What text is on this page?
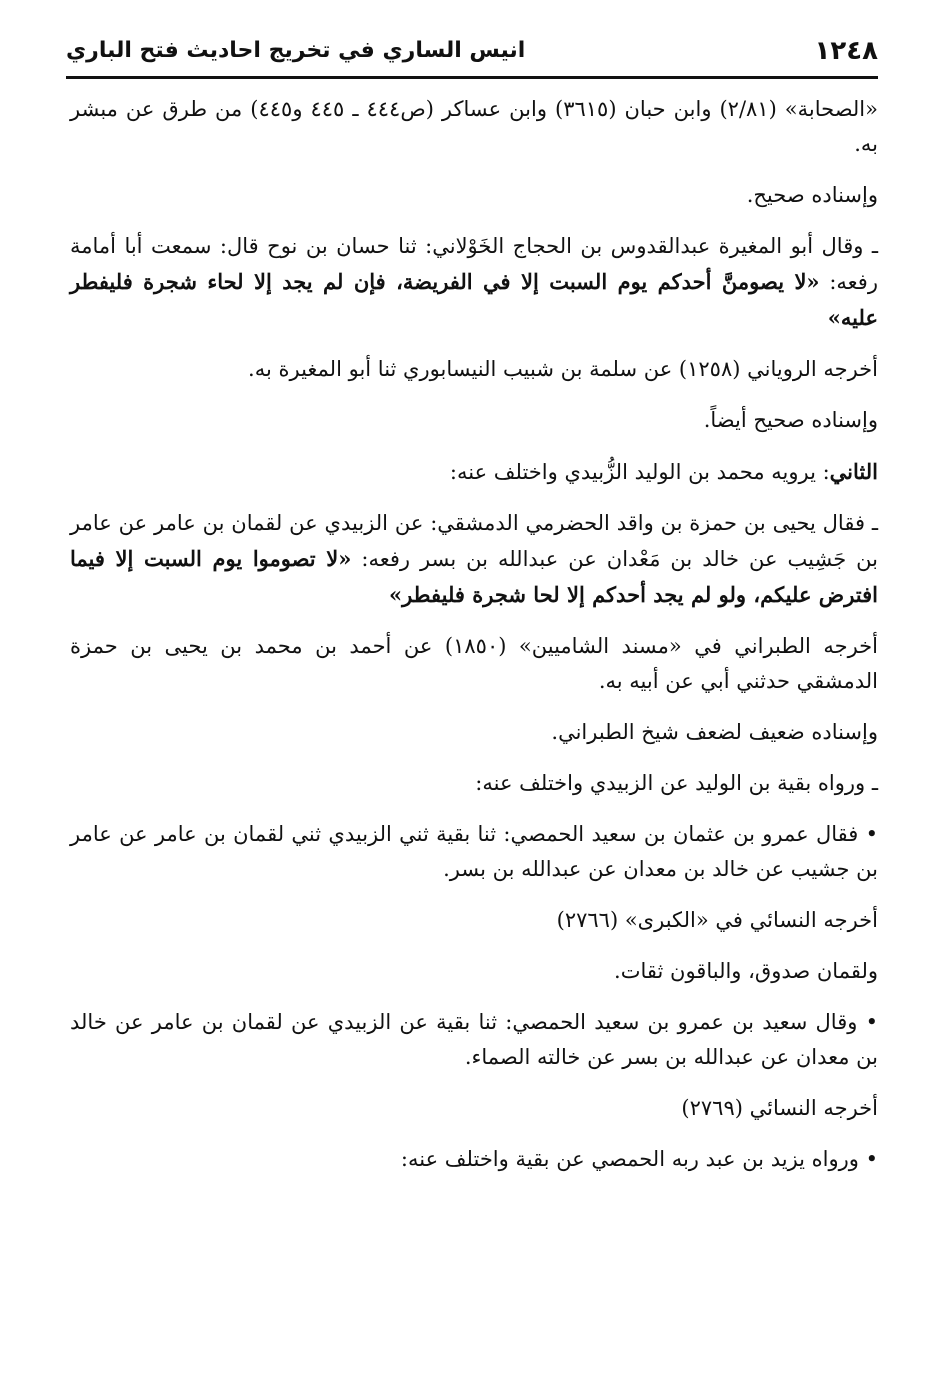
١٢٤٨
انيس الساري في تخريج احاديث فتح الباري

«الصحابة» (٢/٨١) وابن حبان (٣٦١٥) وابن عساكر (ص٤٤٤ ـ ٤٤٥ و٤٤٥) من طرق عن مبشر به.

وإسناده صحيح.

ـ وقال أبو المغيرة عبدالقدوس بن الحجاج الخَوْلاني: ثنا حسان بن نوح قال: سمعت أبا أمامة رفعه: «لا يصومنَّ أحدكم يوم السبت إلا في الفريضة، فإن لم يجد إلا لحاء شجرة فليفطر عليه»

أخرجه الروياني (١٢٥٨) عن سلمة بن شبيب النيسابوري ثنا أبو المغيرة به.

وإسناده صحيح أيضاً.

الثاني: يرويه محمد بن الوليد الزُّبيدي واختلف عنه:

ـ فقال يحيى بن حمزة بن واقد الحضرمي الدمشقي: عن الزبيدي عن لقمان بن عامر عن عامر بن جَشِيب عن خالد بن مَعْدان عن عبدالله بن بسر رفعه: «لا تصوموا يوم السبت إلا فيما افترض عليكم، ولو لم يجد أحدكم إلا لحا شجرة فليفطر»

أخرجه الطبراني في «مسند الشاميين» (١٨٥٠) عن أحمد بن محمد بن يحيى بن حمزة الدمشقي حدثني أبي عن أبيه به.

وإسناده ضعيف لضعف شيخ الطبراني.

ـ ورواه بقية بن الوليد عن الزبيدي واختلف عنه:

• فقال عمرو بن عثمان بن سعيد الحمصي: ثنا بقية ثني الزبيدي ثني لقمان بن عامر عن عامر بن جشيب عن خالد بن معدان عن عبدالله بن بسر.

أخرجه النسائي في «الكبرى» (٢٧٦٦)

ولقمان صدوق، والباقون ثقات.

• وقال سعيد بن عمرو بن سعيد الحمصي: ثنا بقية عن الزبيدي عن لقمان بن عامر عن خالد بن معدان عن عبدالله بن بسر عن خالته الصماء.

أخرجه النسائي (٢٧٦٩)

• ورواه يزيد بن عبد ربه الحمصي عن بقية واختلف عنه:
